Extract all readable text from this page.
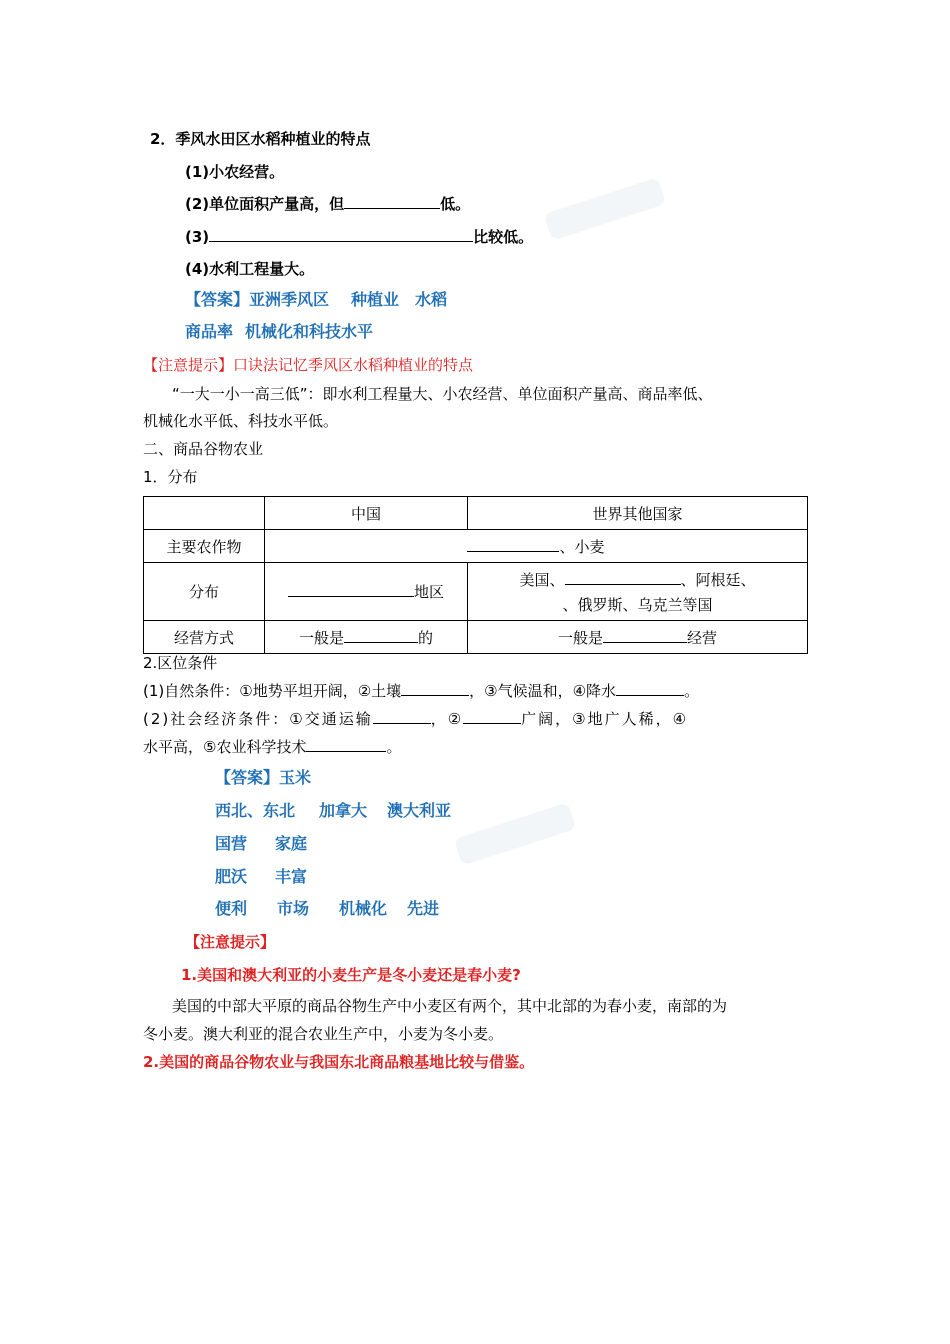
2．季风水田区水稻种植业的特点
(1)小农经营。
(2)单位面积产量高，但	低。
(3)	比较低。
(4)水利工程量大。
【答案】亚洲季风区 种植业 水稻
商品率 机械化和科技水平
【注意提示】口诀法记忆季风区水稻种植业的特点
“一大一小一高三低”：即水利工程量大、小农经营、单位面积产量高、商品率低、
机械化水平低、科技水平低。
二、商品谷物农业
1．分布
	中国	世界其他国家
主要农作物	、小麦	
分布	地区	美国、 、阿根廷、
、俄罗斯、乌克兰等国

经营方式	一般是 的	一般是 经营
2.区位条件
(1)自然条件：①地势平坦开阔，②土壤	，③气候温和，④降水	。
(2)社会经济条件：①交通运输	，②	广阔，③地广人稀，④
水平高，⑤农业科学技术	。
【答案】玉米
西北、东北 加拿大 澳大利亚
国营 家庭
肥沃 丰富
便利 市场 机械化 先进
【注意提示】
1.美国和澳大利亚的小麦生产是冬小麦还是春小麦?
美国的中部大平原的商品谷物生产中小麦区有两个，其中北部的为春小麦，南部的为
冬小麦。澳大利亚的混合农业生产中，小麦为冬小麦。
2.美国的商品谷物农业与我国东北商品粮基地比较与借鉴。
